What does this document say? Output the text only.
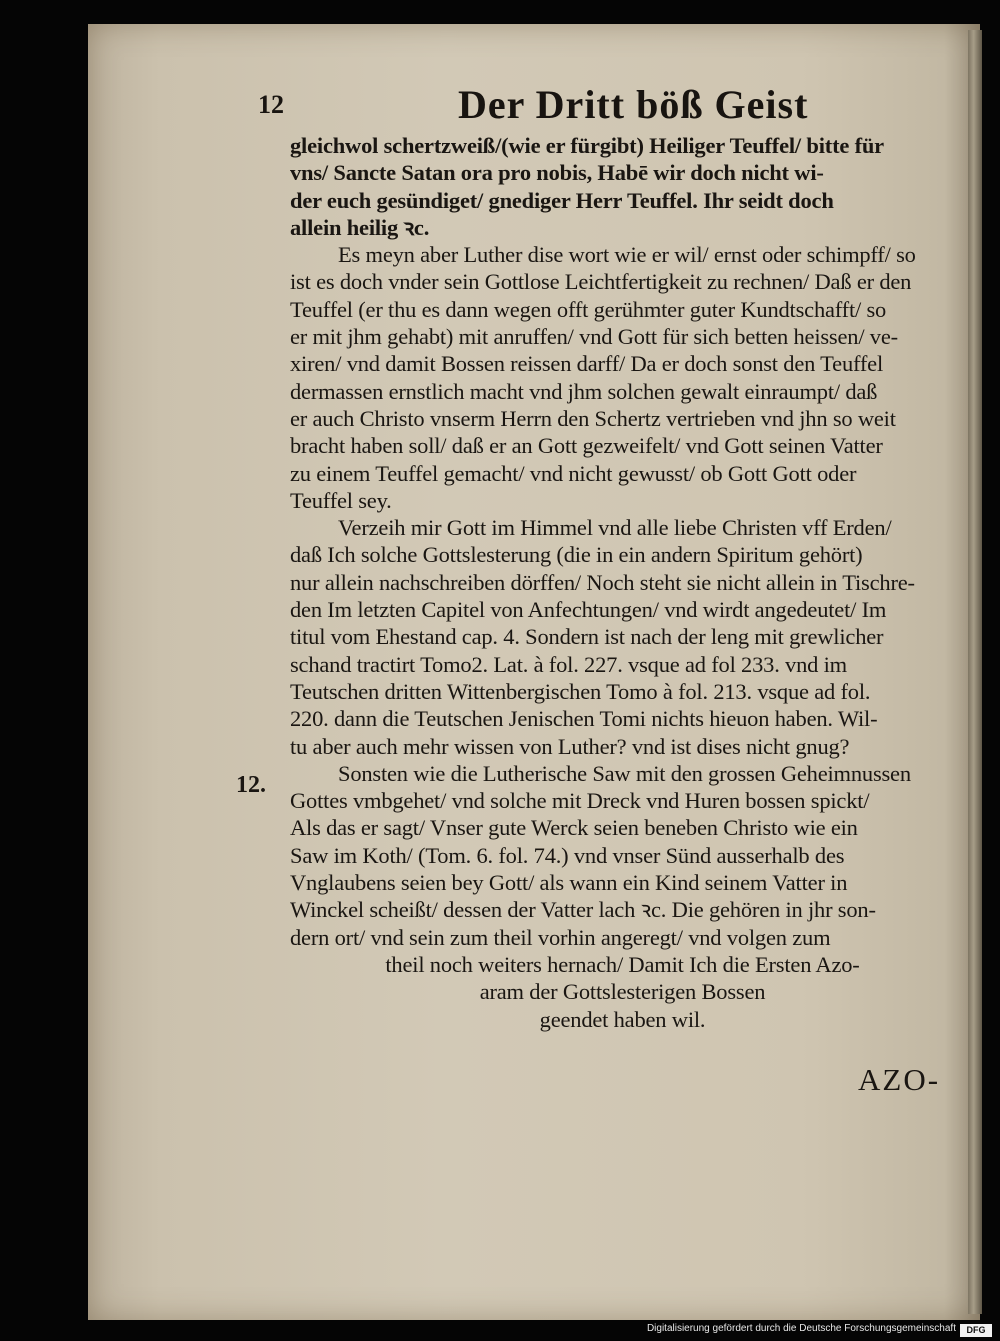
12	Der Dritt böß Geist
12.
gleichwol schertzweiß/(wie er fürgibt) Heiliger Teuffel/ bitte für
vns/ Sancte Satan ora pro nobis, Habē wir doch nicht wi-
der euch gesündiget/ gnediger Herr Teuffel. Ihr seidt doch
allein heilig ꝛc.
Es meyn aber Luther dise wort wie er wil/ ernst oder schimpff/ so
ist es doch vnder sein Gottlose Leichtfertigkeit zu rechnen/ Daß er den
Teuffel (er thu es dann wegen offt gerühmter guter Kundtschafft/ so
er mit jhm gehabt) mit anruffen/ vnd Gott für sich betten heissen/ ve-
xiren/ vnd damit Bossen reissen darff/ Da er doch sonst den Teuffel
dermassen ernstlich macht vnd jhm solchen gewalt einraumpt/ daß
er auch Christo vnserm Herrn den Schertz vertrieben vnd jhn so weit
bracht haben soll/ daß er an Gott gezweifelt/ vnd Gott seinen Vatter
zu einem Teuffel gemacht/ vnd nicht gewusst/ ob Gott Gott oder
Teuffel sey.
Verzeih mir Gott im Himmel vnd alle liebe Christen vff Erden/
daß Ich solche Gottslesterung (die in ein andern Spiritum gehört)
nur allein nachschreiben dörffen/ Noch steht sie nicht allein in Tischre-
den Im letzten Capitel von Anfechtungen/ vnd wirdt angedeutet/ Im
titul vom Ehestand cap. 4. Sondern ist nach der leng mit grewlicher
schand tractirt Tomo2. Lat. à fol. 227. vsque ad fol 233. vnd im
Teutschen dritten Wittenbergischen Tomo à fol. 213. vsque ad fol.
220. dann die Teutschen Jenischen Tomi nichts hieuon haben. Wil-
tu aber auch mehr wissen von Luther? vnd ist dises nicht gnug?
Sonsten wie die Lutherische Saw mit den grossen Geheimnussen
Gottes vmbgehet/ vnd solche mit Dreck vnd Huren bossen spickt/
Als das er sagt/ Vnser gute Werck seien beneben Christo wie ein
Saw im Koth/ (Tom. 6. fol. 74.) vnd vnser Sünd ausserhalb des
Vnglaubens seien bey Gott/ als wann ein Kind seinem Vatter in
Winckel scheißt/ dessen der Vatter lach ꝛc. Die gehören in jhr son-
dern ort/ vnd sein zum theil vorhin angeregt/ vnd volgen zum
theil noch weiters hernach/ Damit Ich die Ersten Azo-
aram der Gottslesterigen Bossen
geendet haben wil.
AZO-
Digitalisierung gefördert durch die Deutsche Forschungsgemeinschaft	DFG
